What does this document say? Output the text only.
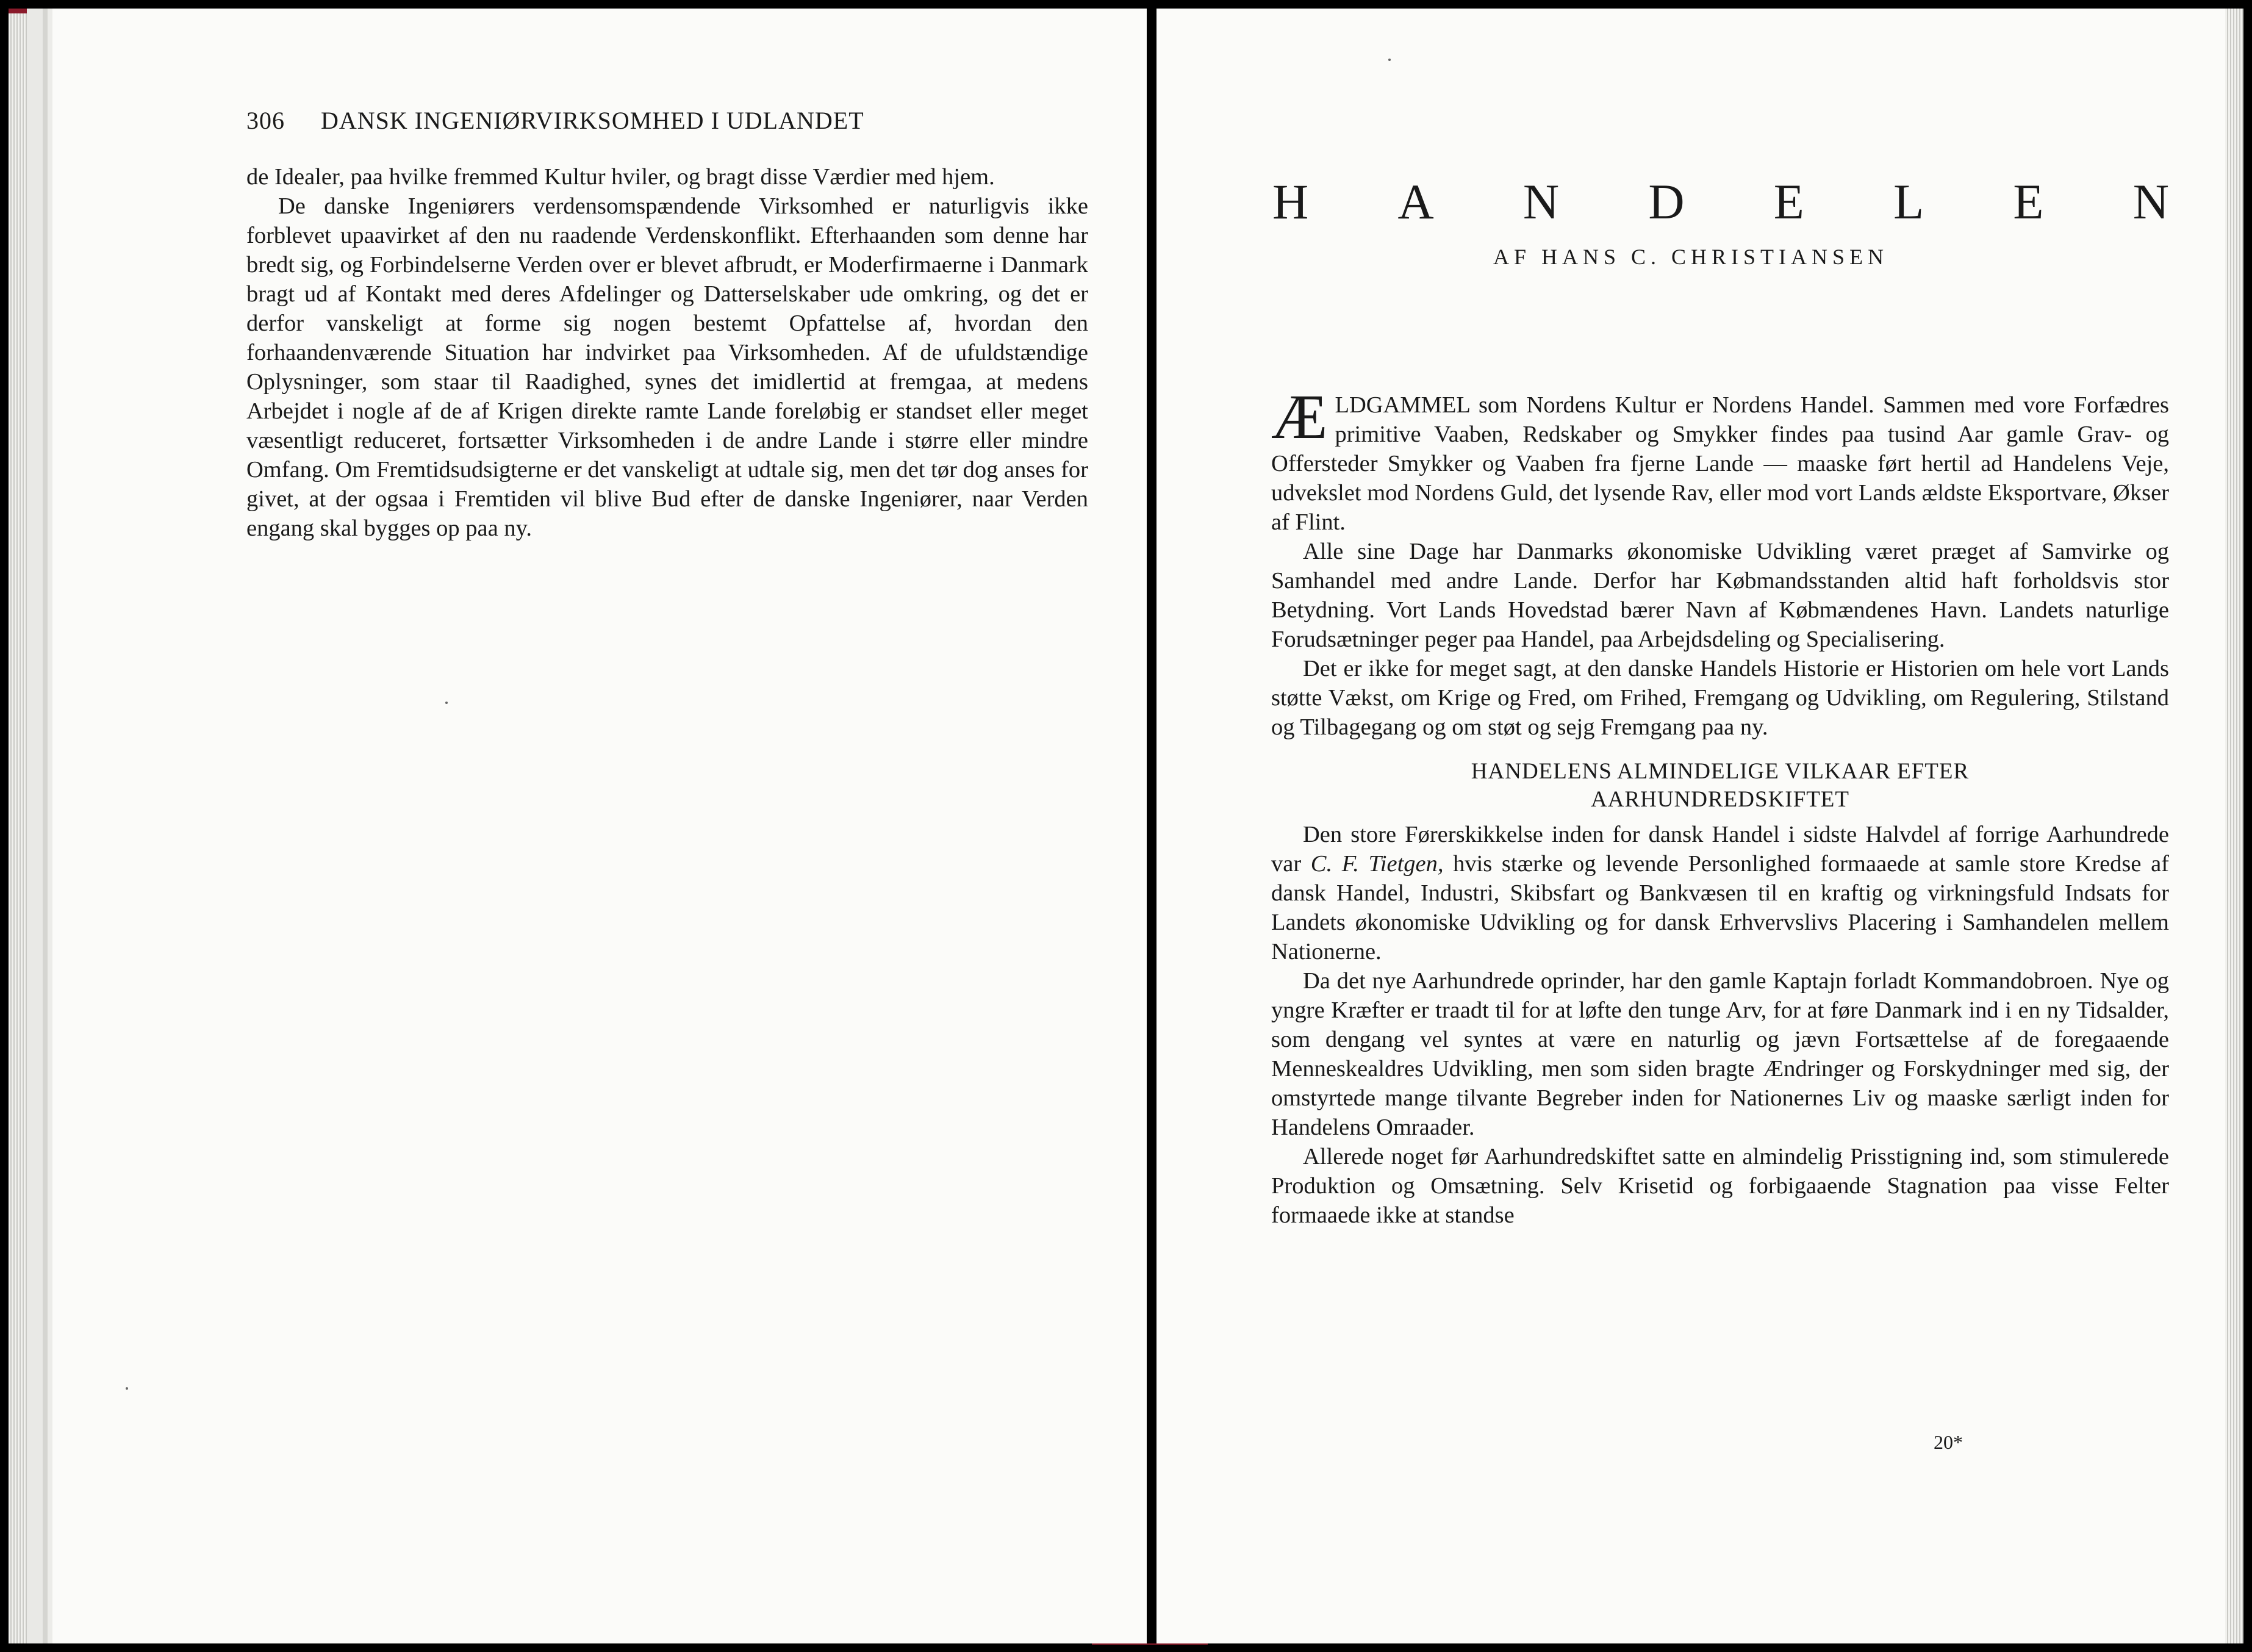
306 DANSK INGENIØRVIRKSOMHED I UDLANDET

de Idealer, paa hvilke fremmed Kultur hviler, og bragt disse Værdier med hjem.

De danske Ingeniørers verdensomspændende Virksomhed er naturligvis ikke forblevet upaavirket af den nu raadende Verdenskonflikt. Efterhaanden som denne har bredt sig, og Forbindelserne Verden over er blevet afbrudt, er Moderfirmaerne i Danmark bragt ud af Kontakt med deres Afdelinger og Datterselskaber ude omkring, og det er derfor vanskeligt at forme sig nogen bestemt Opfattelse af, hvordan den forhaandenværende Situation har indvirket paa Virksomheden. Af de ufuldstændige Oplysninger, som staar til Raadighed, synes det imidlertid at fremgaa, at medens Arbejdet i nogle af de af Krigen direkte ramte Lande foreløbig er standset eller meget væsentligt reduceret, fortsætter Virksomheden i de andre Lande i større eller mindre Omfang. Om Fremtidsudsigterne er det vanskeligt at udtale sig, men det tør dog anses for givet, at der ogsaa i Fremtiden vil blive Bud efter de danske Ingeniører, naar Verden engang skal bygges op paa ny.

H A N D E L E N
AF HANS C. CHRISTIANSEN

ÆLDGAMMEL som Nordens Kultur er Nordens Handel. Sammen med vore Forfædres primitive Vaaben, Redskaber og Smykker findes paa tusind Aar gamle Grav- og Offersteder Smykker og Vaaben fra fjerne Lande — maaske ført hertil ad Handelens Veje, udvekslet mod Nordens Guld, det lysende Rav, eller mod vort Lands ældste Eksportvare, Økser af Flint.

Alle sine Dage har Danmarks økonomiske Udvikling været præget af Samvirke og Samhandel med andre Lande. Derfor har Købmandsstanden altid haft forholdsvis stor Betydning. Vort Lands Hovedstad bærer Navn af Købmændenes Havn. Landets naturlige Forudsætninger peger paa Handel, paa Arbejdsdeling og Specialisering.

Det er ikke for meget sagt, at den danske Handels Historie er Historien om hele vort Lands støtte Vækst, om Krige og Fred, om Frihed, Fremgang og Udvikling, om Regulering, Stilstand og Tilbagegang og om støt og sejg Fremgang paa ny.

HANDELENS ALMINDELIGE VILKAAR EFTER
AARHUNDREDSKIFTET

Den store Førerskikkelse inden for dansk Handel i sidste Halvdel af forrige Aarhundrede var C. F. Tietgen, hvis stærke og levende Personlighed formaaede at samle store Kredse af dansk Handel, Industri, Skibsfart og Bankvæsen til en kraftig og virkningsfuld Indsats for Landets økonomiske Udvikling og for dansk Erhvervslivs Placering i Samhandelen mellem Nationerne.

Da det nye Aarhundrede oprinder, har den gamle Kaptajn forladt Kommandobroen. Nye og yngre Kræfter er traadt til for at løfte den tunge Arv, for at føre Danmark ind i en ny Tidsalder, som dengang vel syntes at være en naturlig og jævn Fortsættelse af de foregaaende Menneskealdres Udvikling, men som siden bragte Ændringer og Forskydninger med sig, der omstyrtede mange tilvante Begreber inden for Nationernes Liv og maaske særligt inden for Handelens Omraader.

Allerede noget før Aarhundredskiftet satte en almindelig Prisstigning ind, som stimulerede Produktion og Omsætning. Selv Krisetid og forbigaaende Stagnation paa visse Felter formaaede ikke at standse

20*
